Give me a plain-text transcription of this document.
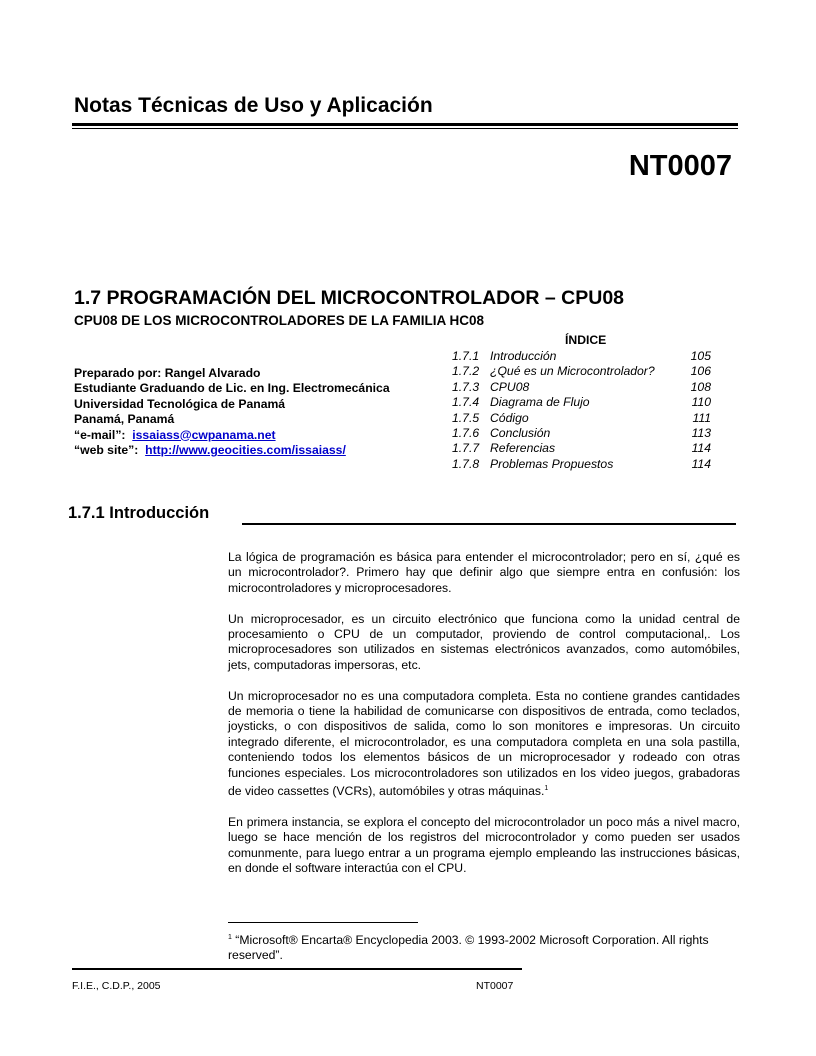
Notas Técnicas de Uso y Aplicación
NT0007
1.7 PROGRAMACIÓN DEL MICROCONTROLADOR – CPU08
CPU08 DE LOS MICROCONTROLADORES DE LA FAMILIA HC08
Preparado por: Rangel Alvarado
Estudiante Graduando de Lic. en Ing. Electromecánica
Universidad Tecnológica de Panamá
Panamá, Panamá
“e-mail”: issaiass@cwpanama.net
“web site”: http://www.geocities.com/issaiass/
ÍNDICE
1.7.1 Introducción	105
1.7.2 ¿Qué es un Microcontrolador?	106
1.7.3 CPU08	108
1.7.4 Diagrama de Flujo	110
1.7.5 Código	111
1.7.6 Conclusión	113
1.7.7 Referencias	114
1.7.8 Problemas Propuestos	114
1.7.1 Introducción

La lógica de programación es básica para entender el microcontrolador; pero en sí, ¿qué es un microcontrolador?. Primero hay que definir algo que siempre entra en confusión: los microcontroladores y microprocesadores.

Un microprocesador, es un circuito electrónico que funciona como la unidad central de procesamiento o CPU de un computador, proviendo de control computacional,. Los microprocesadores son utilizados en sistemas electrónicos avanzados, como automóbiles, jets, computadoras impersoras, etc.

Un microprocesador no es una computadora completa. Esta no contiene grandes cantidades de memoria o tiene la habilidad de comunicarse con dispositivos de entrada, como teclados, joysticks, o con dispositivos de salida, como lo son monitores e impresoras. Un circuito integrado diferente, el microcontrolador, es una computadora completa en una sola pastilla, conteniendo todos los elementos básicos de un microprocesador y rodeado con otras funciones especiales. Los microcontroladores son utilizados en los video juegos, grabadoras de video cassettes (VCRs), automóbiles y otras máquinas.$^1$

En primera instancia, se explora el concepto del microcontrolador un poco más a nivel macro, luego se hace mención de los registros del microcontrolador y como pueden ser usados comunmente, para luego entrar a un programa ejemplo empleando las instrucciones básicas, en donde el software interactúa con el CPU.

$^1$ “Microsoft® Encarta® Encyclopedia 2003. © 1993-2002 Microsoft Corporation. All rights reserved”.
F.I.E., C.D.P., 2005	NT0007
